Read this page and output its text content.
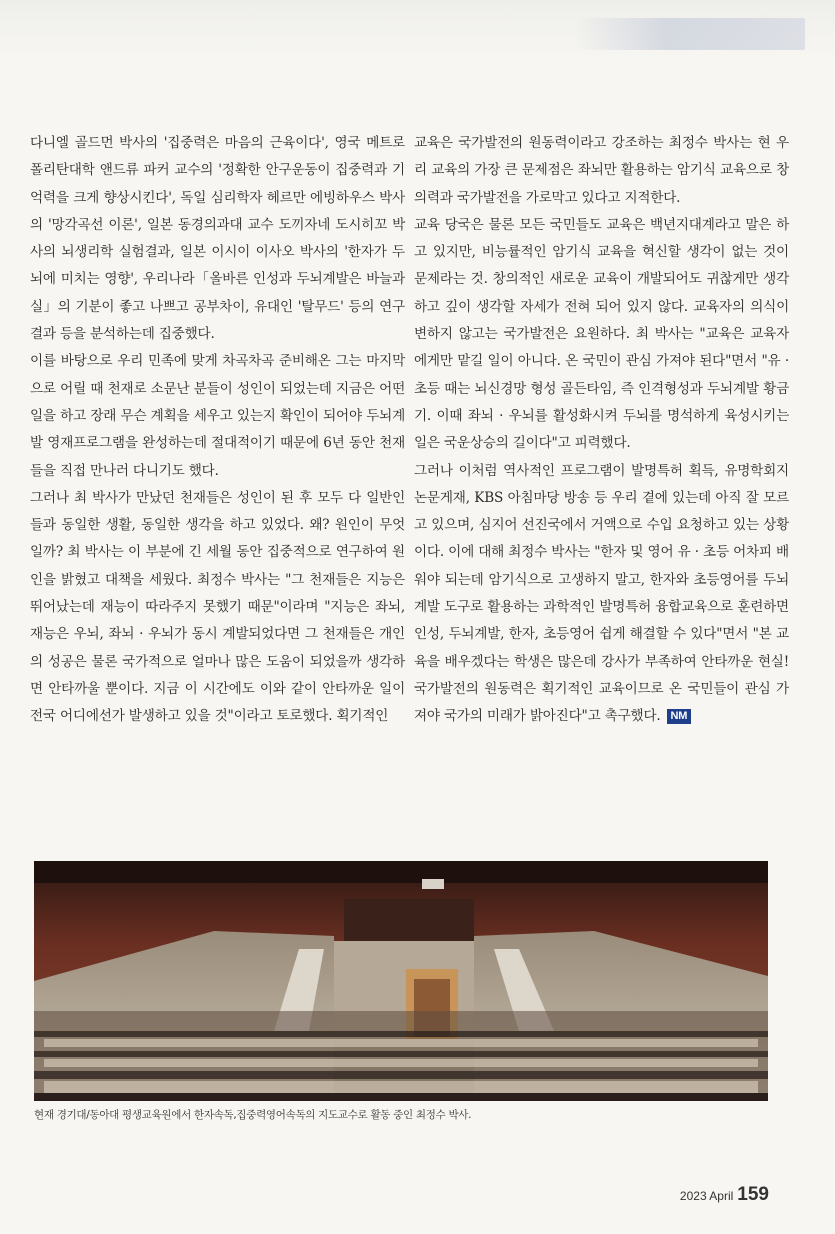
다니엘 골드먼 박사의 '집중력은 마음의 근육이다', 영국 메트로폴리탄대학 앤드류 파커 교수의 '정확한 안구운동이 집중력과 기억력을 크게 향상시킨다', 독일 심리학자 헤르만 에빙하우스 박사의 '망각곡선 이론', 일본 동경의과대 교수 도끼자네 도시히꼬 박사의 뇌생리학 실험결과, 일본 이시이 이사오 박사의 '한자가 두뇌에 미치는 영향', 우리나라「올바른 인성과 두뇌계발은 바늘과 실」의 기분이 좋고 나쁘고 공부차이, 유대인 '탈무드' 등의 연구결과 등을 분석하는데 집중했다.

이를 바탕으로 우리 민족에 맞게 차곡차곡 준비해온 그는 마지막으로 어릴 때 천재로 소문난 분들이 성인이 되었는데 지금은 어떤 일을 하고 장래 무슨 계획을 세우고 있는지 확인이 되어야 두뇌계발 영재프로그램을 완성하는데 절대적이기 때문에 6년 동안 천재들을 직접 만나러 다니기도 했다.

그러나 최 박사가 만났던 천재들은 성인이 된 후 모두 다 일반인들과 동일한 생활, 동일한 생각을 하고 있었다. 왜? 원인이 무엇일까? 최 박사는 이 부분에 긴 세월 동안 집중적으로 연구하여 원인을 밝혔고 대책을 세웠다. 최정수 박사는 "그 천재들은 지능은 뛰어났는데 재능이 따라주지 못했기 때문"이라며 "지능은 좌뇌, 재능은 우뇌, 좌뇌 · 우뇌가 동시 계발되었다면 그 천재들은 개인의 성공은 물론 국가적으로 얼마나 많은 도움이 되었을까 생각하면 안타까울 뿐이다. 지금 이 시간에도 이와 같이 안타까운 일이 전국 어디에선가 발생하고 있을 것"이라고 토로했다. 획기적인

교육은 국가발전의 원동력이라고 강조하는 최정수 박사는 현 우리 교육의 가장 큰 문제점은 좌뇌만 활용하는 암기식 교육으로 창의력과 국가발전을 가로막고 있다고 지적한다.

교육 당국은 물론 모든 국민들도 교육은 백년지대계라고 말은 하고 있지만, 비능률적인 암기식 교육을 혁신할 생각이 없는 것이 문제라는 것. 창의적인 새로운 교육이 개발되어도 귀찮게만 생각하고 깊이 생각할 자세가 전혀 되어 있지 않다. 교육자의 의식이 변하지 않고는 국가발전은 요원하다. 최 박사는 "교육은 교육자에게만 맡길 일이 아니다. 온 국민이 관심 가져야 된다"면서 "유 · 초등 때는 뇌신경망 형성 골든타임, 즉 인격형성과 두뇌계발 황금기. 이때 좌뇌 · 우뇌를 활성화시켜 두뇌를 명석하게 육성시키는 일은 국운상승의 길이다"고 피력했다.

그러나 이처럼 역사적인 프로그램이 발명특허 획득, 유명학회지 논문게재, KBS 아침마당 방송 등 우리 곁에 있는데 아직 잘 모르고 있으며, 심지어 선진국에서 거액으로 수입 요청하고 있는 상황이다. 이에 대해 최정수 박사는 "한자 및 영어 유 · 초등 어차피 배워야 되는데 암기식으로 고생하지 말고, 한자와 초등영어를 두뇌계발 도구로 활용하는 과학적인 발명특허 융합교육으로 훈련하면 인성, 두뇌계발, 한자, 초등영어 쉽게 해결할 수 있다"면서 "본 교육을 배우겠다는 학생은 많은데 강사가 부족하여 안타까운 현실! 국가발전의 원동력은 획기적인 교육이므로 온 국민들이 관심 가져야 국가의 미래가 밝아진다"고 촉구했다. NM

현재 경기대/동아대 평생교육원에서 한자속독,집중력영어속독의 지도교수로 활동 중인 최정수 박사.
2023 April 159
